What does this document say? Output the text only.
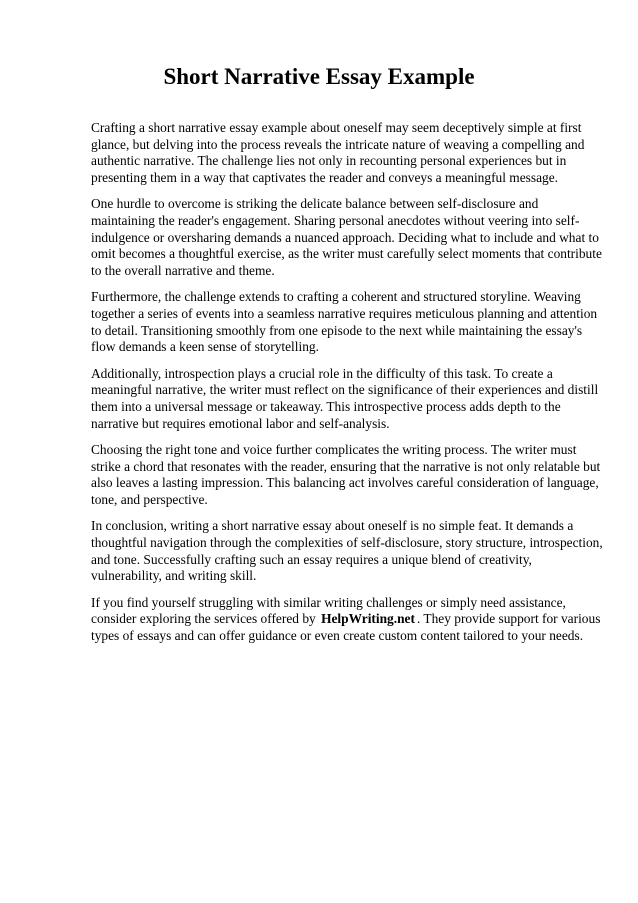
Short Narrative Essay Example

Crafting a short narrative essay example about oneself may seem deceptively simple at first glance, but delving into the process reveals the intricate nature of weaving a compelling and authentic narrative. The challenge lies not only in recounting personal experiences but in presenting them in a way that captivates the reader and conveys a meaningful message.

One hurdle to overcome is striking the delicate balance between self-disclosure and maintaining the reader's engagement. Sharing personal anecdotes without veering into self-indulgence or oversharing demands a nuanced approach. Deciding what to include and what to omit becomes a thoughtful exercise, as the writer must carefully select moments that contribute to the overall narrative and theme.

Furthermore, the challenge extends to crafting a coherent and structured storyline. Weaving together a series of events into a seamless narrative requires meticulous planning and attention to detail. Transitioning smoothly from one episode to the next while maintaining the essay's flow demands a keen sense of storytelling.

Additionally, introspection plays a crucial role in the difficulty of this task. To create a meaningful narrative, the writer must reflect on the significance of their experiences and distill them into a universal message or takeaway. This introspective process adds depth to the narrative but requires emotional labor and self-analysis.

Choosing the right tone and voice further complicates the writing process. The writer must strike a chord that resonates with the reader, ensuring that the narrative is not only relatable but also leaves a lasting impression. This balancing act involves careful consideration of language, tone, and perspective.

In conclusion, writing a short narrative essay about oneself is no simple feat. It demands a thoughtful navigation through the complexities of self-disclosure, story structure, introspection, and tone. Successfully crafting such an essay requires a unique blend of creativity, vulnerability, and writing skill.

If you find yourself struggling with similar writing challenges or simply need assistance, consider exploring the services offered by HelpWriting.net . They provide support for various types of essays and can offer guidance or even create custom content tailored to your needs.
